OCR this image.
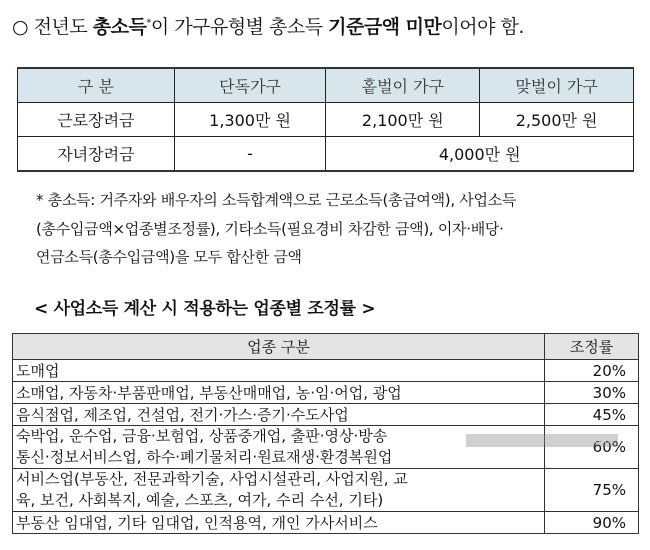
○ 전년도 총소득*이 가구유형별 총소득 기준금액 미만이어야 함.
구 분	단독가구	홑벌이 가구	맞벌이 가구
근로장려금	1,300만 원	2,100만 원	2,500만 원
자녀장려금	-	4,000만 원	
* 총소득: 거주자와 배우자의 소득합계액으로 근로소득(총급여액), 사업소득
(총수입금액×업종별조정률), 기타소득(필요경비 차감한 금액), 이자·배당·
연금소득(총수입금액)을 모두 합산한 금액
< 사업소득 계산 시 적용하는 업종별 조정률 >
업종 구분	조정률
도매업	20%
소매업, 자동차·부품판매업, 부동산매매업, 농·임·어업, 광업	30%
음식점업, 제조업, 건설업, 전기·가스·증기·수도사업	45%

숙박업, 운수업, 금융·보험업, 상품중개업, 출판·영상·방송
통신·정보서비스업, 하수·폐기물처리·원료재생·환경복원업	60%

서비스업(부동산, 전문과학기술, 사업시설관리, 사업지원, 교
육, 보건, 사회복지, 예술, 스포츠, 여가, 수리 수선, 기타)	75%
부동산 임대업, 기타 임대업, 인적용역, 개인 가사서비스	90%
https://dealsaday.tistory.com
